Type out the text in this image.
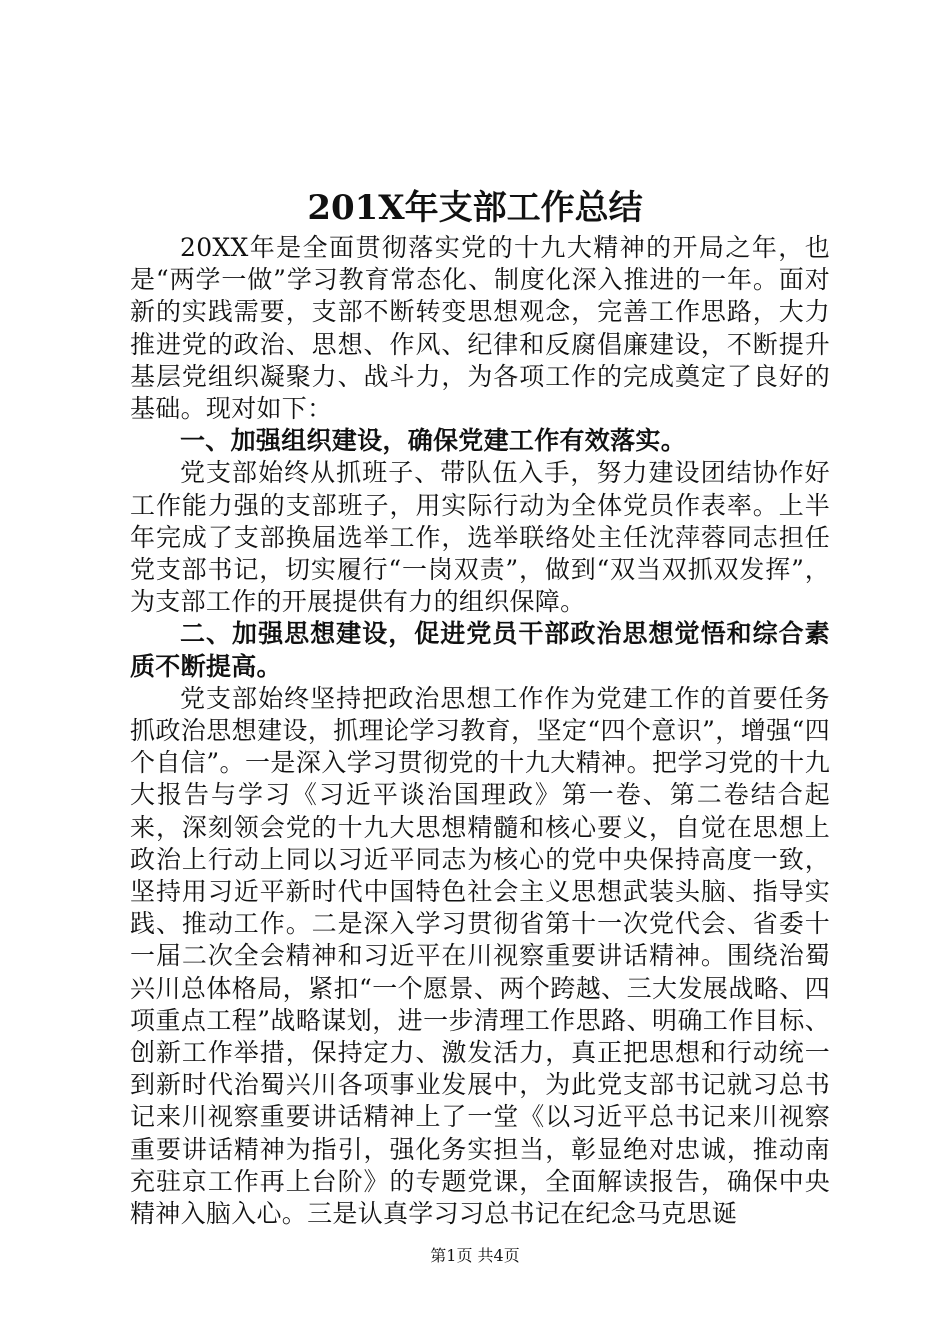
201X年支部工作总结

20XX年是全面贯彻落实党的十九大精神的开局之年，也是“两学一做”学习教育常态化、制度化深入推进的一年。面对新的实践需要，支部不断转变思想观念，完善工作思路，大力推进党的政治、思想、作风、纪律和反腐倡廉建设，不断提升基层党组织凝聚力、战斗力，为各项工作的完成奠定了良好的基础。现对如下：

一、加强组织建设，确保党建工作有效落实。

党支部始终从抓班子、带队伍入手，努力建设团结协作好工作能力强的支部班子，用实际行动为全体党员作表率。上半年完成了支部换届选举工作，选举联络处主任沈萍蓉同志担任党支部书记，切实履行“一岗双责”，做到“双当双抓双发挥”，为支部工作的开展提供有力的组织保障。

二、加强思想建设，促进党员干部政治思想觉悟和综合素质不断提高。

党支部始终坚持把政治思想工作作为党建工作的首要任务抓政治思想建设，抓理论学习教育，坚定“四个意识”，增强“四个自信”。一是深入学习贯彻党的十九大精神。把学习党的十九大报告与学习《习近平谈治国理政》第一卷、第二卷结合起来，深刻领会党的十九大思想精髓和核心要义，自觉在思想上政治上行动上同以习近平同志为核心的党中央保持高度一致，坚持用习近平新时代中国特色社会主义思想武装头脑、指导实践、推动工作。二是深入学习贯彻省第十一次党代会、省委十一届二次全会精神和习近平在川视察重要讲话精神。围绕治蜀兴川总体格局，紧扣“一个愿景、两个跨越、三大发展战略、四项重点工程”战略谋划，进一步清理工作思路、明确工作目标、创新工作举措，保持定力、激发活力，真正把思想和行动统一到新时代治蜀兴川各项事业发展中，为此党支部书记就习总书记来川视察重要讲话精神上了一堂《以习近平总书记来川视察重要讲话精神为指引，强化务实担当，彰显绝对忠诚，推动南充驻京工作再上台阶》的专题党课，全面解读报告，确保中央精神入脑入心。三是认真学习习总书记在纪念马克思诞

第1页 共4页
